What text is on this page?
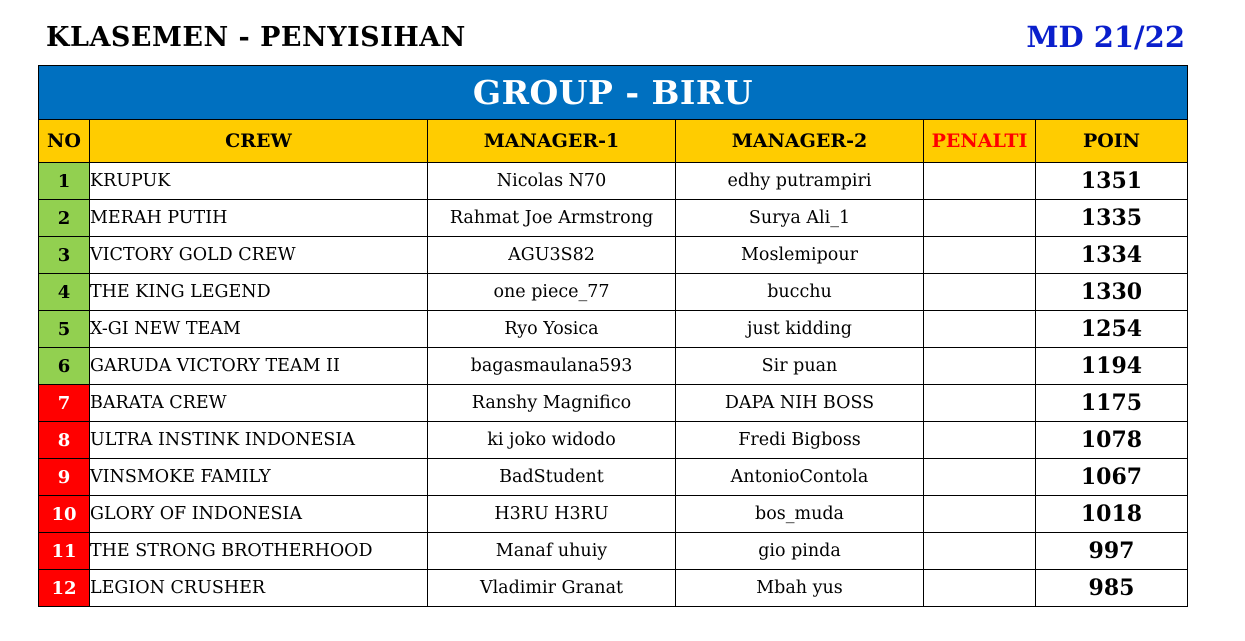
KLASEMEN - PENYISIHAN	MD 21/22
GROUP - BIRU					
NO	CREW	MANAGER-1	MANAGER-2	PENALTI	POIN
1	KRUPUK	Nicolas N70	edhy putrampiri		1351
2	MERAH PUTIH	Rahmat Joe Armstrong	Surya Ali_1		1335
3	VICTORY GOLD CREW	AGU3S82	Moslemipour		1334
4	THE KING LEGEND	one piece_77	bucchu		1330
5	X-GI NEW TEAM	Ryo Yosica	just kidding		1254
6	GARUDA VICTORY TEAM II	bagasmaulana593	Sir puan		1194
7	BARATA CREW	Ranshy Magnifico	DAPA NIH BOSS		1175
8	ULTRA INSTINK INDONESIA	ki joko widodo	Fredi Bigboss		1078
9	VINSMOKE FAMILY	BadStudent	AntonioContola		1067
10	GLORY OF INDONESIA	H3RU H3RU	bos_muda		1018
11	THE STRONG BROTHERHOOD	Manaf uhuiy	gio pinda		997
12	LEGION CRUSHER	Vladimir Granat	Mbah yus		985
